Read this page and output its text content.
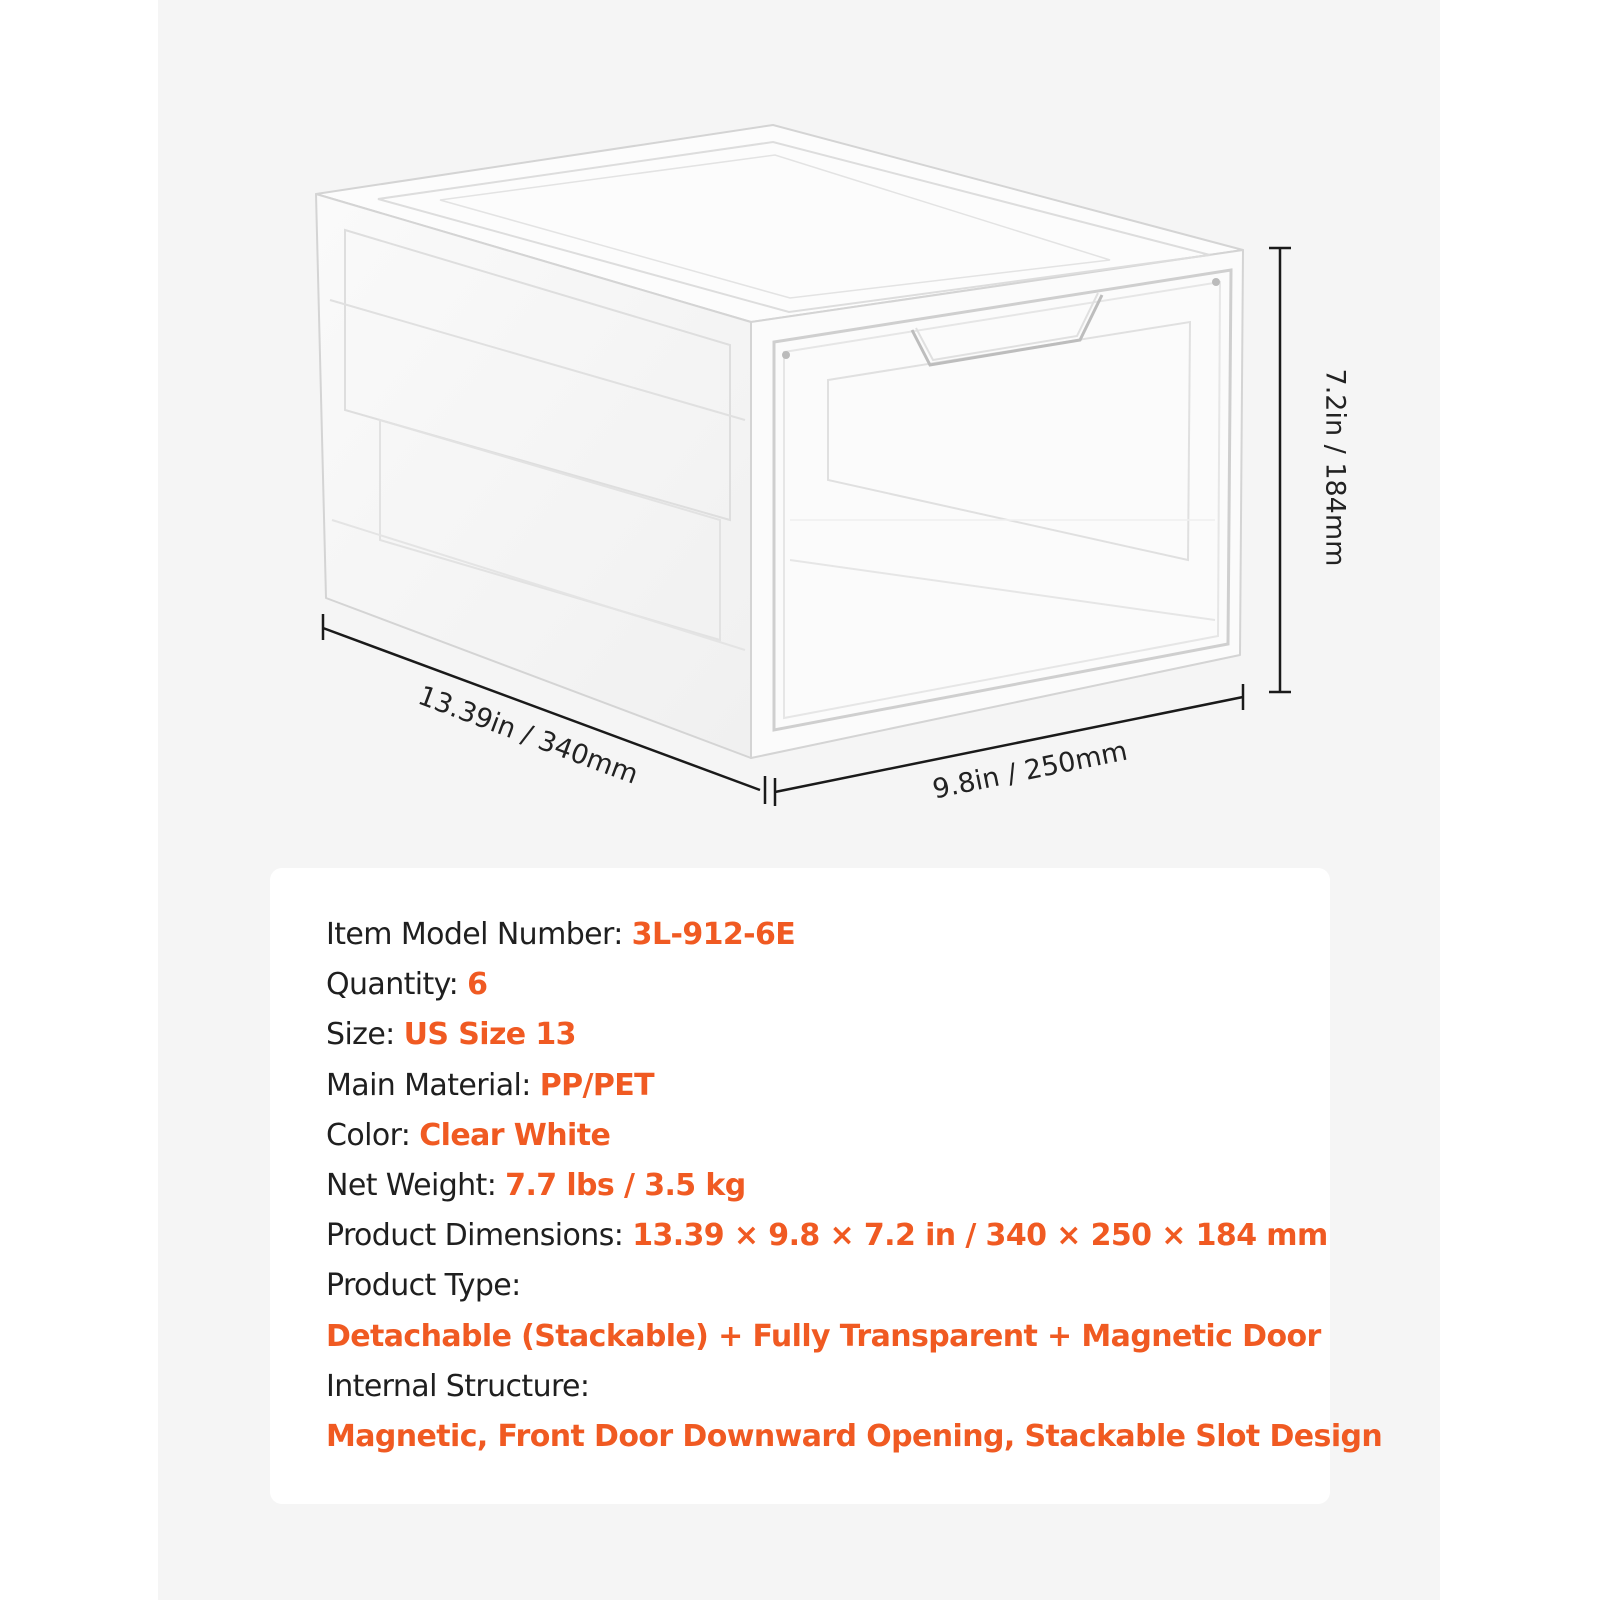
13.39in / 340mm	9.8in / 250mm
7.2in / 184mm
Item Model Number: 3L-912-6E
Quantity: 6
Size: US Size 13
Main Material: PP/PET
Color: Clear White
Net Weight: 7.7 lbs / 3.5 kg
Product Dimensions: 13.39 × 9.8 × 7.2 in / 340 × 250 × 184 mm
Product Type:
Detachable (Stackable) + Fully Transparent + Magnetic Door
Internal Structure:
Magnetic, Front Door Downward Opening, Stackable Slot Design
